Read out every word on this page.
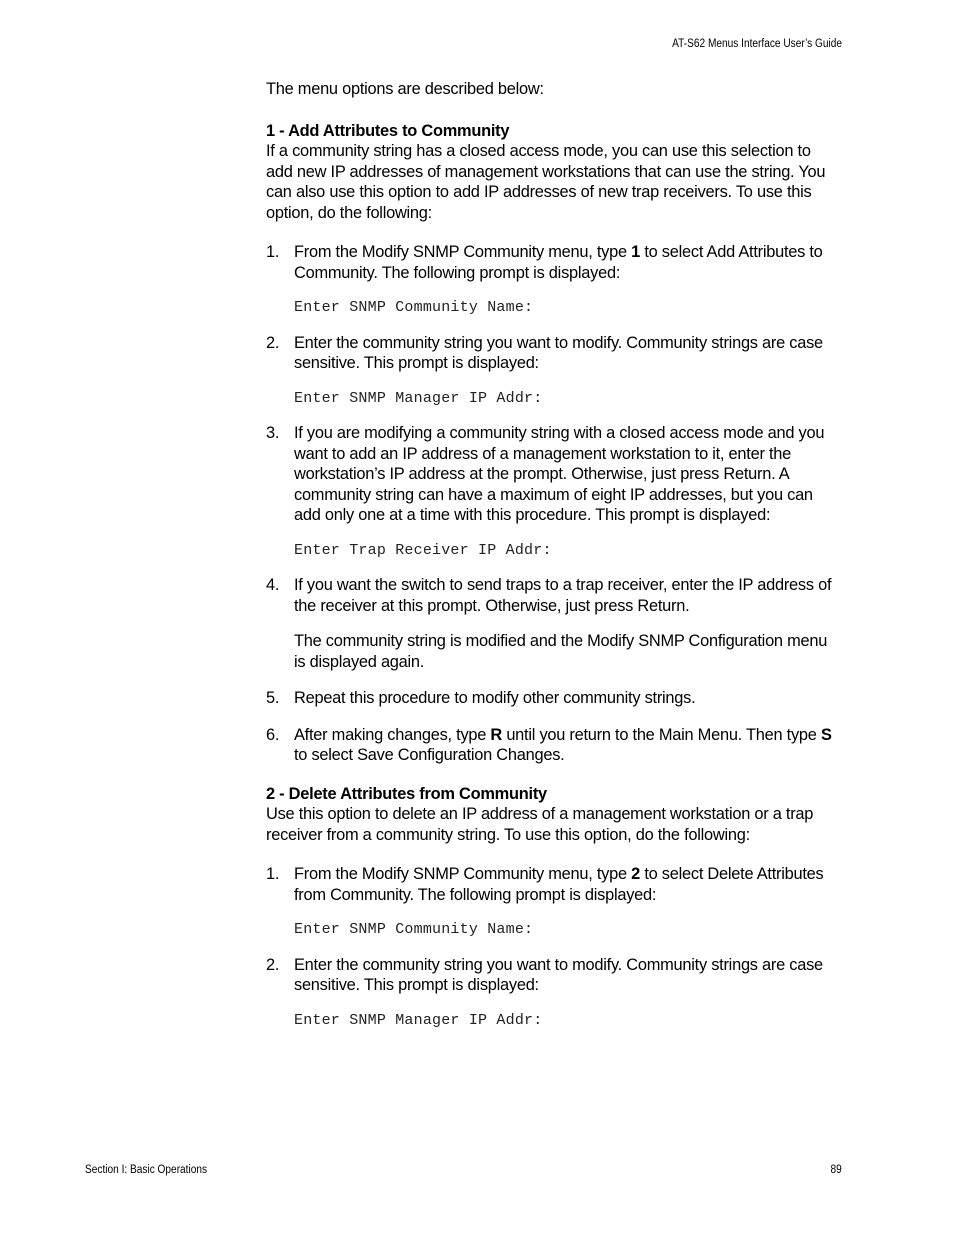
AT-S62 Menus Interface User’s Guide

The menu options are described below:

1 - Add Attributes to Community

If a community string has a closed access mode, you can use this selection to add new IP addresses of management workstations that can use the string. You can also use this option to add IP addresses of new trap receivers. To use this option, do the following:

1. From the Modify SNMP Community menu, type 1 to select Add Attributes to Community. The following prompt is displayed:
Enter SNMP Community Name:
2. Enter the community string you want to modify. Community strings are case sensitive. This prompt is displayed:
Enter SNMP Manager IP Addr:
3. If you are modifying a community string with a closed access mode and you want to add an IP address of a management workstation to it, enter the workstation’s IP address at the prompt. Otherwise, just press Return. A community string can have a maximum of eight IP addresses, but you can add only one at a time with this procedure. This prompt is displayed:
Enter Trap Receiver IP Addr:
4. If you want the switch to send traps to a trap receiver, enter the IP address of the receiver at this prompt. Otherwise, just press Return.

The community string is modified and the Modify SNMP Configuration menu is displayed again.

5. Repeat this procedure to modify other community strings.
6. After making changes, type R until you return to the Main Menu. Then type S to select Save Configuration Changes.

2 - Delete Attributes from Community

Use this option to delete an IP address of a management workstation or a trap receiver from a community string. To use this option, do the following:

1. From the Modify SNMP Community menu, type 2 to select Delete Attributes from Community. The following prompt is displayed:
Enter SNMP Community Name:
2. Enter the community string you want to modify. Community strings are case sensitive. This prompt is displayed:
Enter SNMP Manager IP Addr:
Section I: Basic Operations	89
